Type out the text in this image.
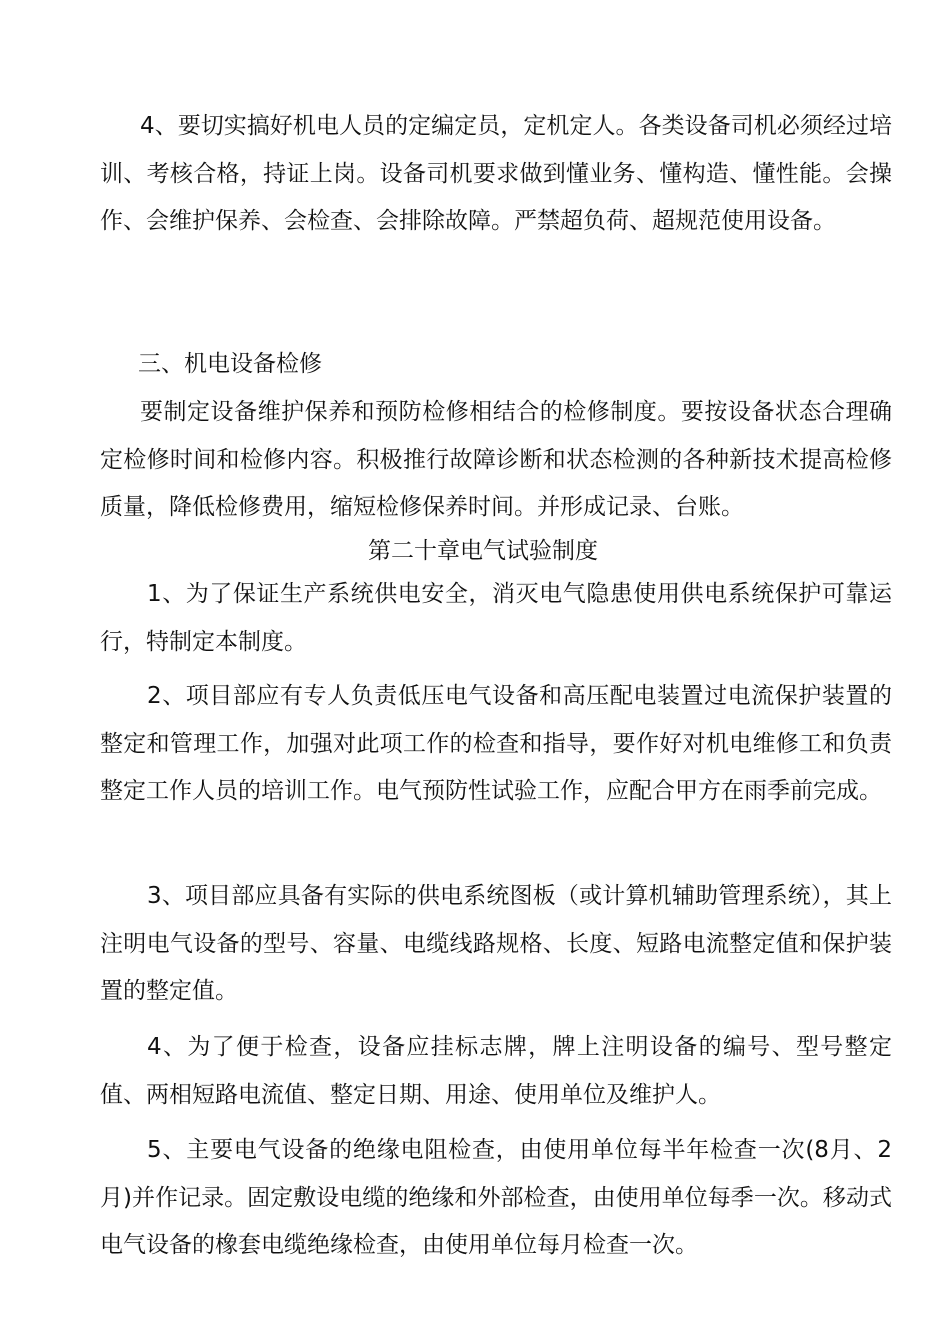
4、要切实搞好机电人员的定编定员，定机定人。各类设备司机必须经过培训、考核合格，持证上岗。设备司机要求做到懂业务、懂构造、懂性能。会操作、会维护保养、会检查、会排除故障。严禁超负荷、超规范使用设备。

三、机电设备检修

要制定设备维护保养和预防检修相结合的检修制度。要按设备状态合理确定检修时间和检修内容。积极推行故障诊断和状态检测的各种新技术提高检修质量，降低检修费用，缩短检修保养时间。并形成记录、台账。

第二十章电气试验制度

1、为了保证生产系统供电安全，消灭电气隐患使用供电系统保护可靠运行，特制定本制度。

2、项目部应有专人负责低压电气设备和高压配电装置过电流保护装置的整定和管理工作，加强对此项工作的检查和指导，要作好对机电维修工和负责整定工作人员的培训工作。电气预防性试验工作，应配合甲方在雨季前完成。

3、项目部应具备有实际的供电系统图板（或计算机辅助管理系统），其上注明电气设备的型号、容量、电缆线路规格、长度、短路电流整定值和保护装置的整定值。

4、为了便于检查，设备应挂标志牌，牌上注明设备的编号、型号整定值、两相短路电流值、整定日期、用途、使用单位及维护人。

5、主要电气设备的绝缘电阻检查，由使用单位每半年检查一次(8月、2月)并作记录。固定敷设电缆的绝缘和外部检查，由使用单位每季一次。移动式电气设备的橡套电缆绝缘检查，由使用单位每月检查一次。
